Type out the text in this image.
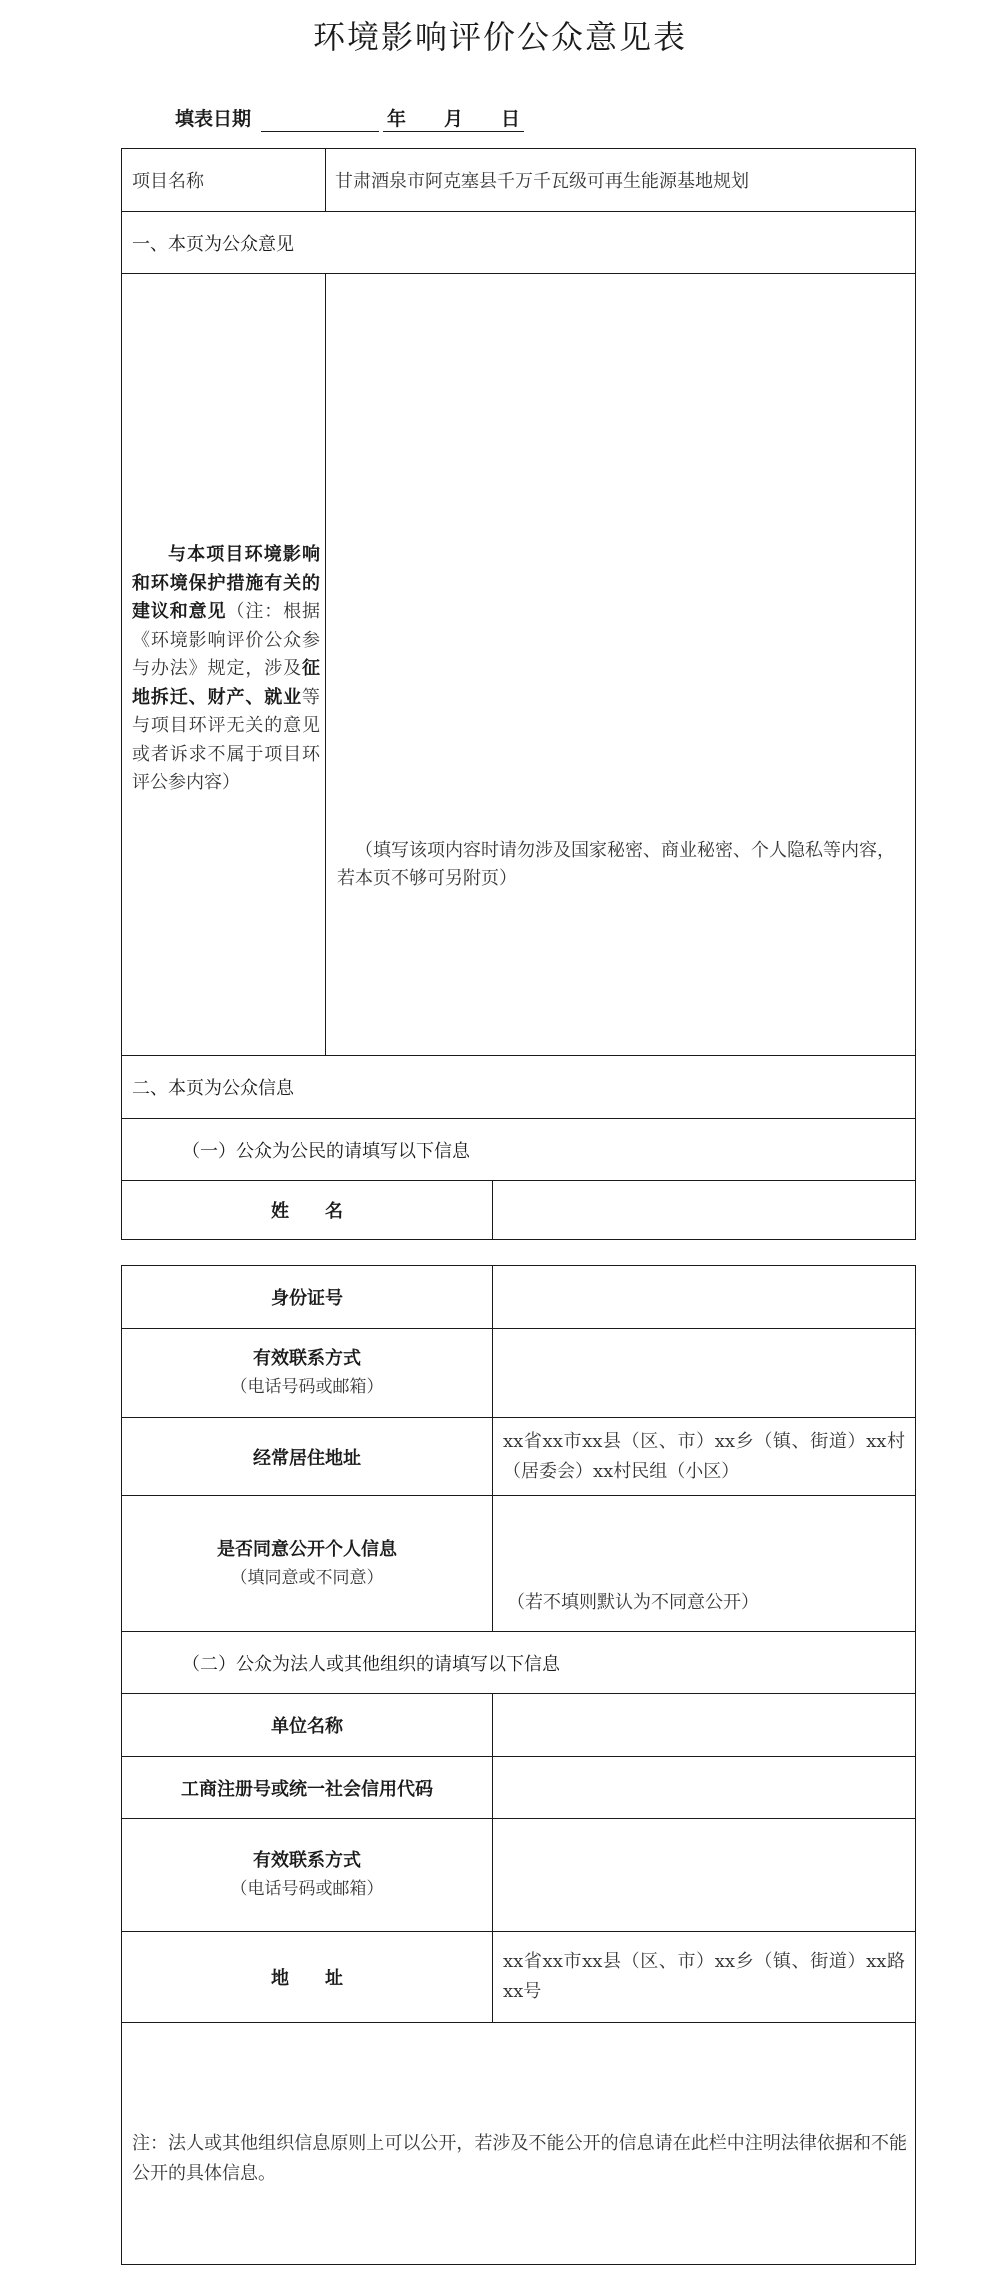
环境影响评价公众意见表
填表日期	年 月 日
项目名称	甘肃酒泉市阿克塞县千万千瓦级可再生能源基地规划
一、本页为公众意见
与本项目环境影响和环境保护措施有关的建议和意见（注：根据《环境影响评价公众参与办法》规定，涉及征地拆迁、财产、就业等与项目环评无关的意见或者诉求不属于项目环评公参内容）
（填写该项内容时请勿涉及国家秘密、商业秘密、个人隐私等内容，若本页不够可另附页）
二、本页为公众信息
（一）公众为公民的请填写以下信息
姓　　名
身份证号
有效联系方式
（电话号码或邮箱）
经常居住地址
xx省xx市xx县（区、市）xx乡（镇、街道）xx村（居委会）xx村民组（小区）
是否同意公开个人信息
（填同意或不同意）
（若不填则默认为不同意公开）
（二）公众为法人或其他组织的请填写以下信息
单位名称
工商注册号或统一社会信用代码
有效联系方式
（电话号码或邮箱）
地　　址
xx省xx市xx县（区、市）xx乡（镇、街道）xx路xx号
注：法人或其他组织信息原则上可以公开，若涉及不能公开的信息请在此栏中注明法律依据和不能公开的具体信息。
